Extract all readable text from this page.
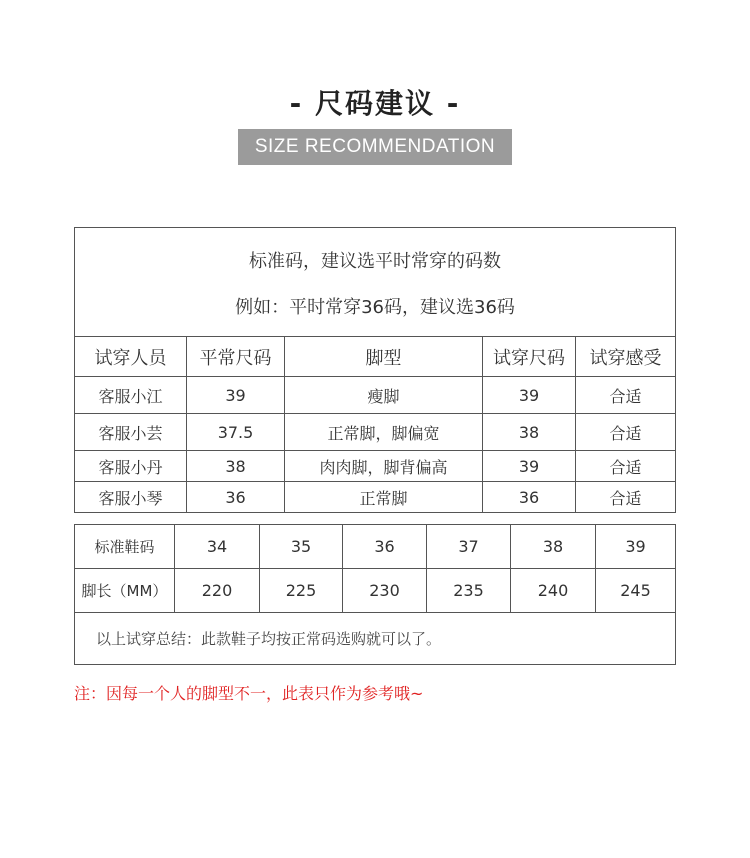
- 尺码建议 -
SIZE RECOMMENDATION
标准码，建议选平时常穿的码数
例如：平时常穿36码，建议选36码				

试穿人员	平常尺码	脚型	试穿尺码	试穿感受
客服小江	39	瘦脚	39	合适
客服小芸	37.5	正常脚，脚偏宽	38	合适
客服小丹	38	肉肉脚，脚背偏高	39	合适
客服小琴	36	正常脚	36	合适
标准鞋码	34	35	36	37	38	39
脚长（MM）	220	225	230	235	240	245
以上试穿总结：此款鞋子均按正常码选购就可以了。						
注：因每一个人的脚型不一，此表只作为参考哦~
